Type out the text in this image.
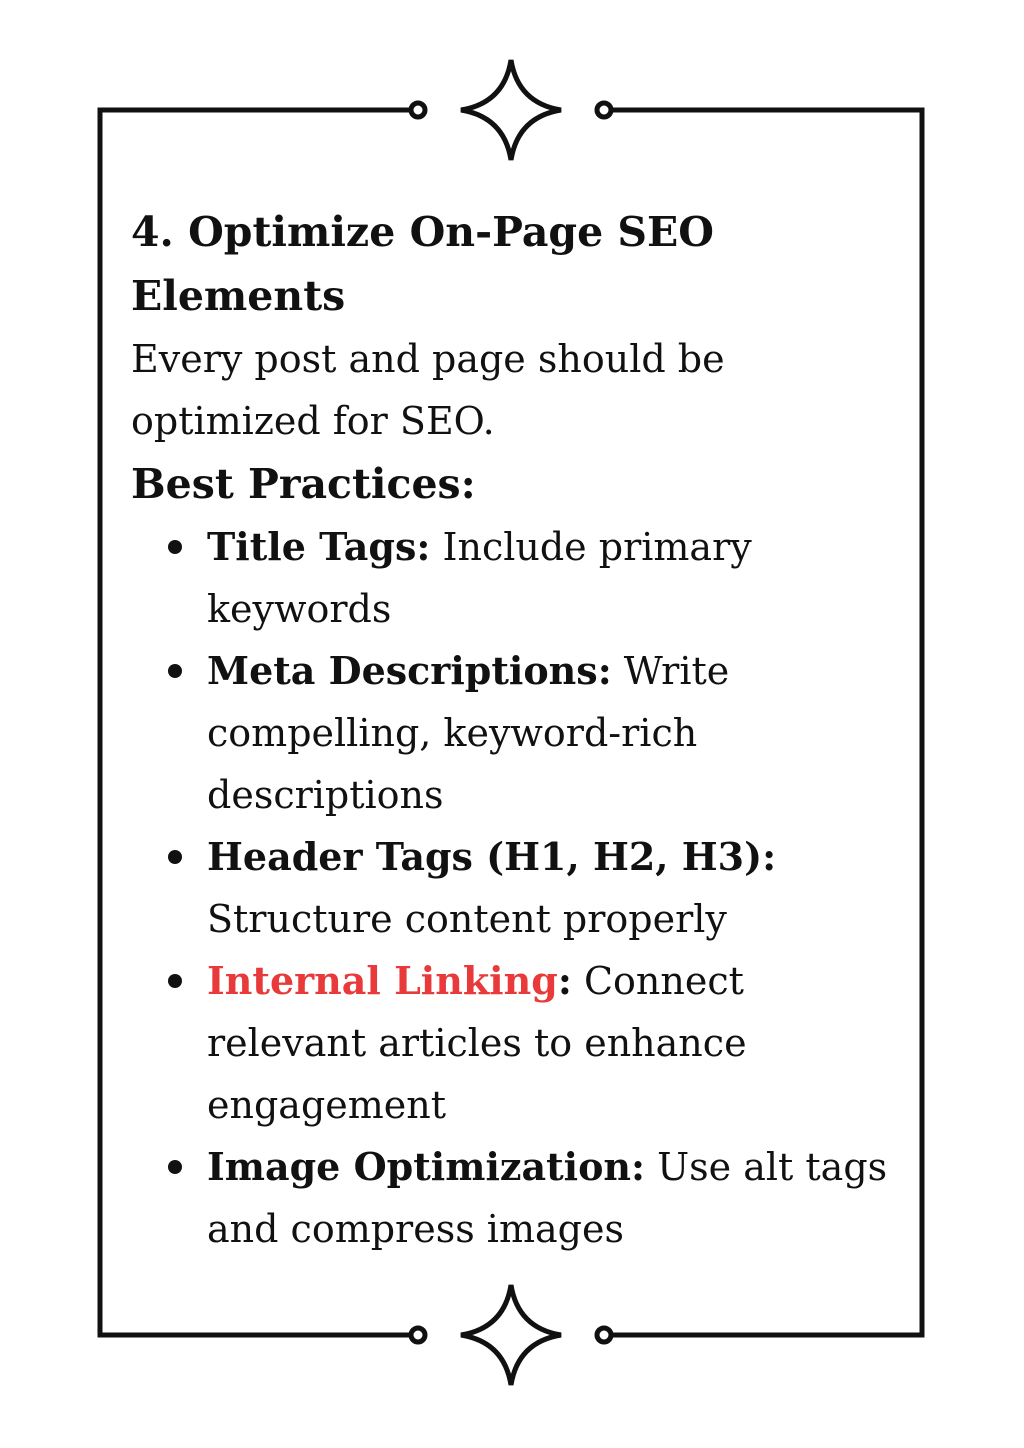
4. Optimize On-Page SEO Elements

Every post and page should be optimized for SEO.

Best Practices:
Title Tags: Include primary keywords
Meta Descriptions: Write compelling, keyword-rich descriptions
Header Tags (H1, H2, H3): Structure content properly
Internal Linking: Connect relevant articles to enhance engagement
Image Optimization: Use alt tags and compress images
